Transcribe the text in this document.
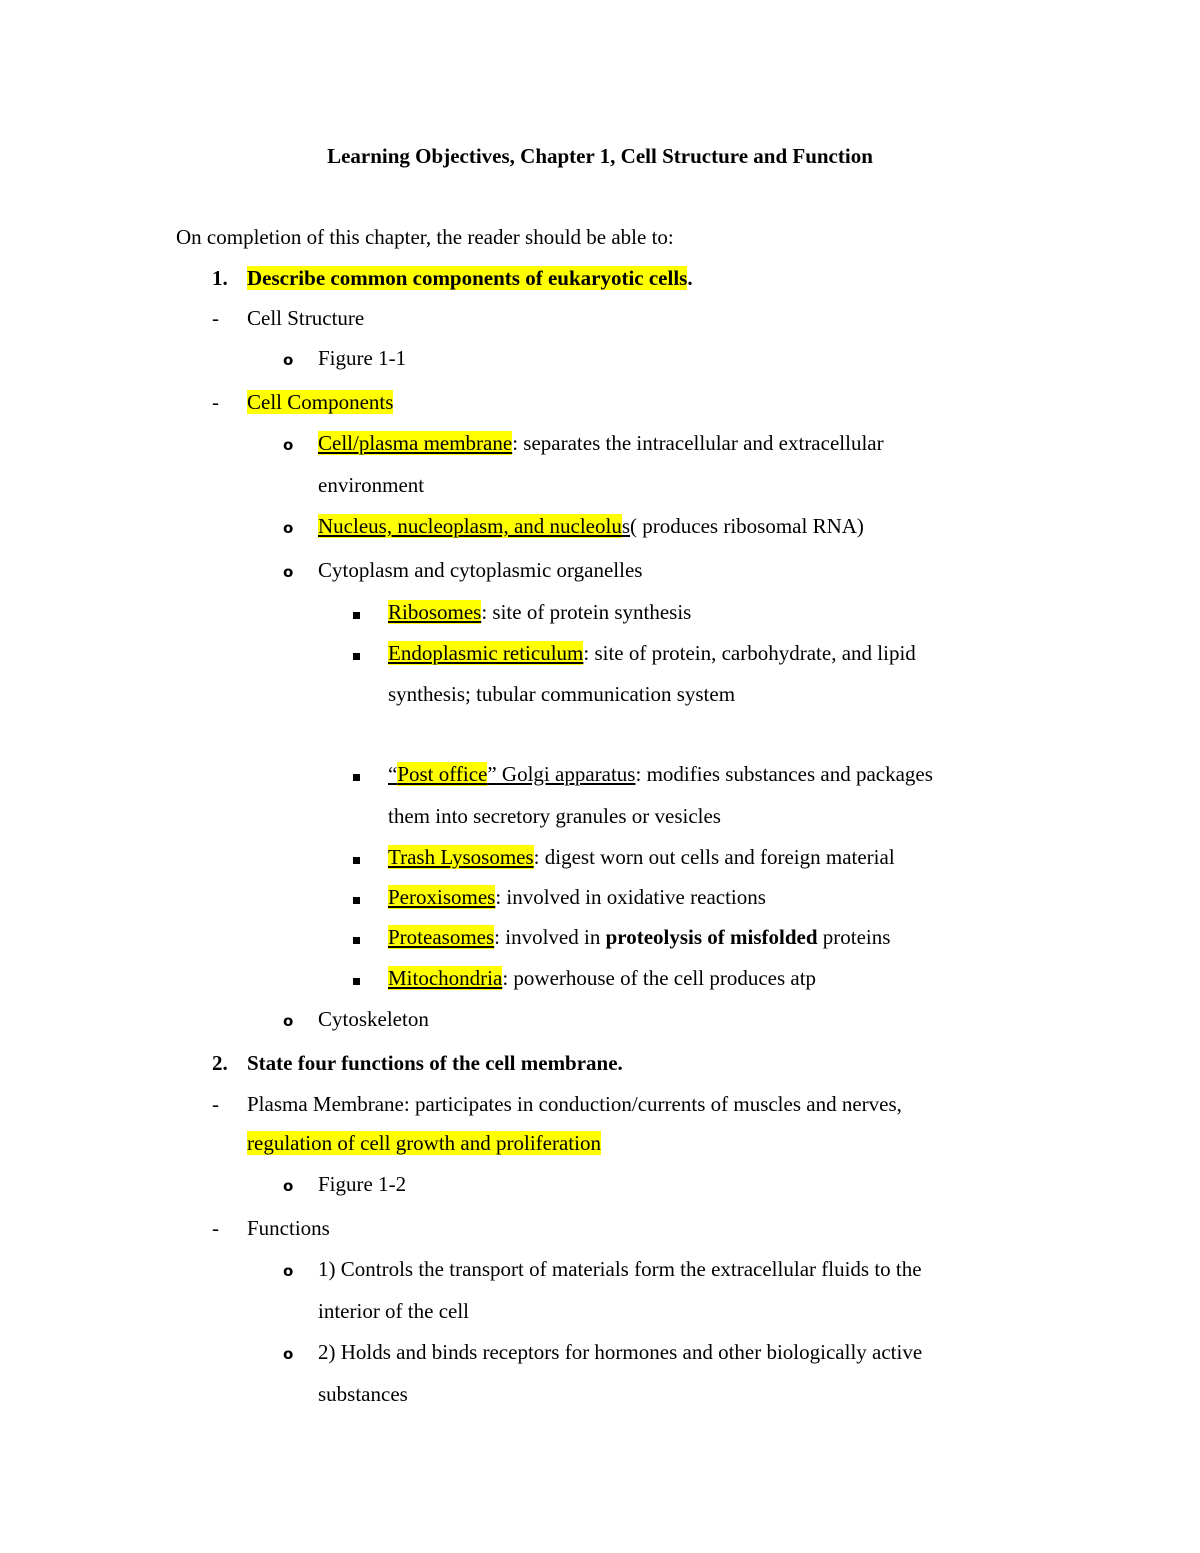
Learning Objectives, Chapter 1, Cell Structure and Function
On completion of this chapter, the reader should be able to:
1. Describe common components of eukaryotic cells.
- Cell Structure
o Figure 1-1
- Cell Components
o Cell/plasma membrane: separates the intracellular and extracellular
environment
o Nucleus, nucleoplasm, and nucleolus( produces ribosomal RNA)
o Cytoplasm and cytoplasmic organelles
Ribosomes: site of protein synthesis
Endoplasmic reticulum: site of protein, carbohydrate, and lipid
synthesis; tubular communication system
“Post office” Golgi apparatus: modifies substances and packages
them into secretory granules or vesicles
Trash Lysosomes: digest worn out cells and foreign material
Peroxisomes: involved in oxidative reactions
Proteasomes: involved in proteolysis of misfolded proteins
Mitochondria: powerhouse of the cell produces atp
o Cytoskeleton
2. State four functions of the cell membrane.
- Plasma Membrane: participates in conduction/currents of muscles and nerves,
regulation of cell growth and proliferation
o Figure 1-2
- Functions
o 1) Controls the transport of materials form the extracellular fluids to the
interior of the cell
o 2) Holds and binds receptors for hormones and other biologically active
substances
